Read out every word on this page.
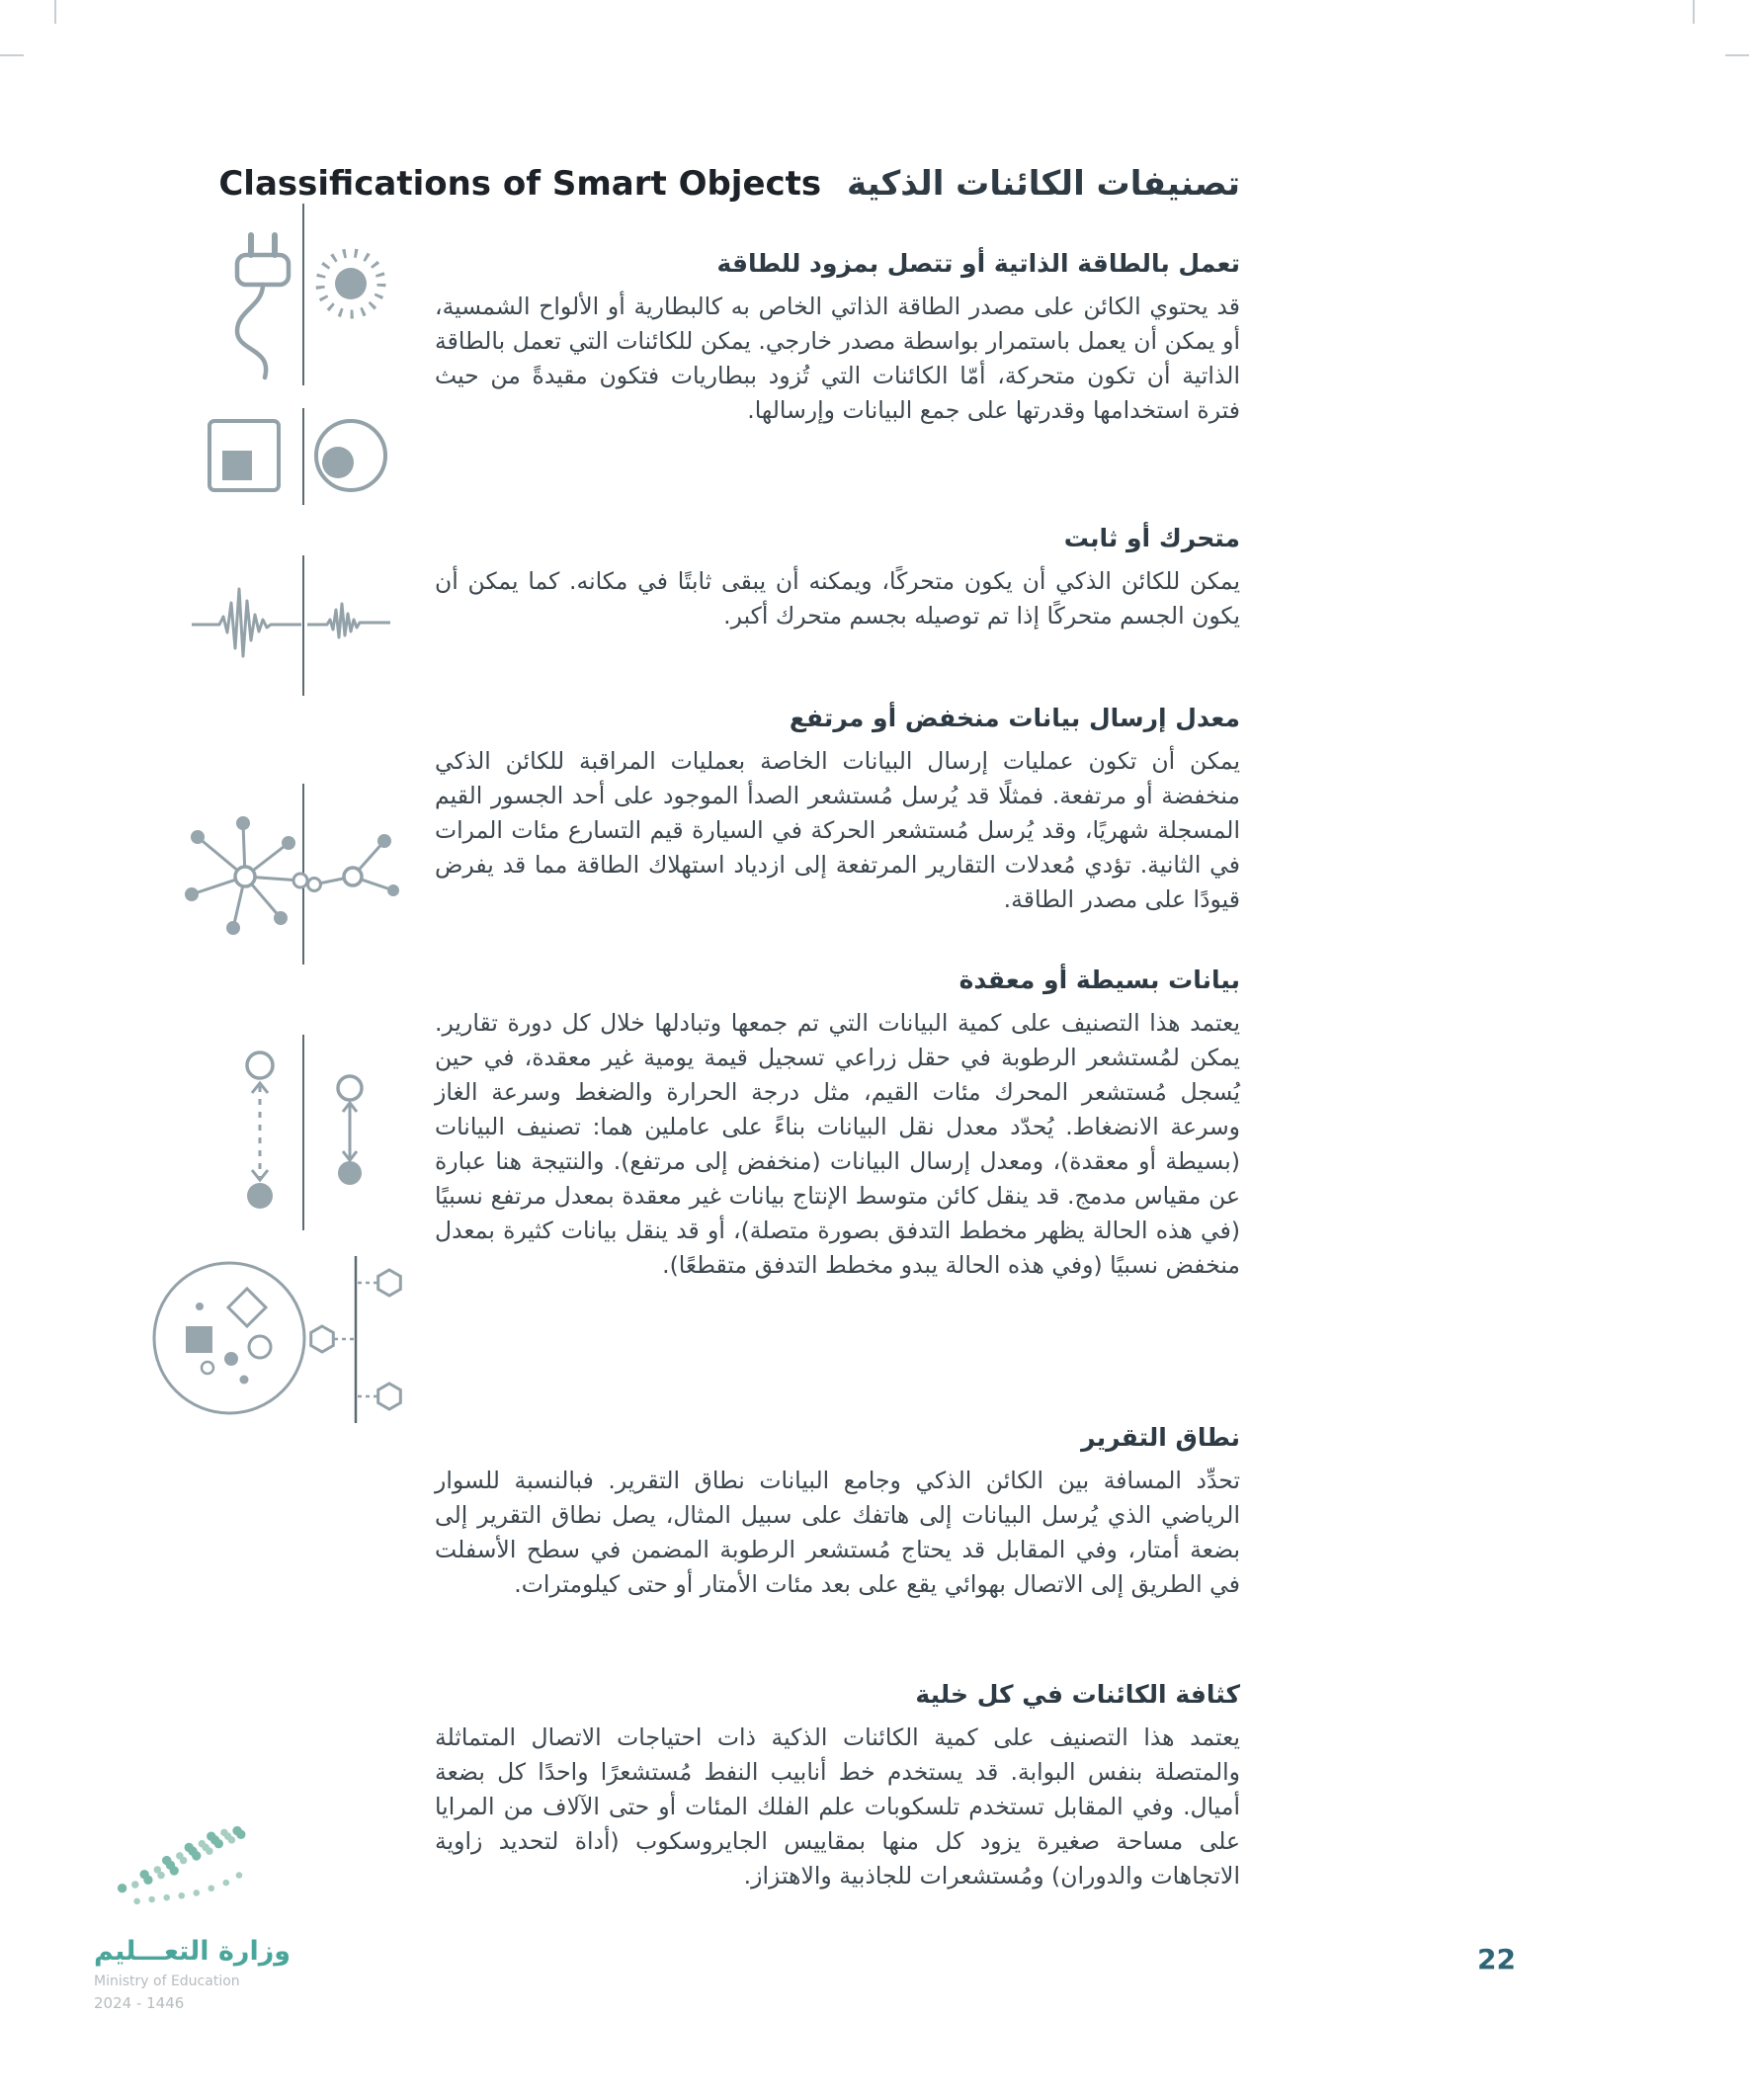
تصنيفات الكائنات الذكية Classifications of Smart Objects
تعمل بالطاقة الذاتية أو تتصل بمزود للطاقة

قد يحتوي الكائن على مصدر الطاقة الذاتي الخاص به كالبطارية أو الألواح الشمسية، أو يمكن أن يعمل باستمرار بواسطة مصدر خارجي. يمكن للكائنات التي تعمل بالطاقة الذاتية أن تكون متحركة، أمّا الكائنات التي تُزود ببطاريات فتكون مقيدةً من حيث فترة استخدامها وقدرتها على جمع البيانات وإرسالها.

متحرك أو ثابت

يمكن للكائن الذكي أن يكون متحركًا، ويمكنه أن يبقى ثابتًا في مكانه. كما يمكن أن يكون الجسم متحركًا إذا تم توصيله بجسم متحرك أكبر.

معدل إرسال بيانات منخفض أو مرتفع

يمكن أن تكون عمليات إرسال البيانات الخاصة بعمليات المراقبة للكائن الذكي منخفضة أو مرتفعة. فمثلًا قد يُرسل مُستشعر الصدأ الموجود على أحد الجسور القيم المسجلة شهريًا، وقد يُرسل مُستشعر الحركة في السيارة قيم التسارع مئات المرات في الثانية. تؤدي مُعدلات التقارير المرتفعة إلى ازدياد استهلاك الطاقة مما قد يفرض قيودًا على مصدر الطاقة.

بيانات بسيطة أو معقدة

يعتمد هذا التصنيف على كمية البيانات التي تم جمعها وتبادلها خلال كل دورة تقارير. يمكن لمُستشعر الرطوبة في حقل زراعي تسجيل قيمة يومية غير معقدة، في حين يُسجل مُستشعر المحرك مئات القيم، مثل درجة الحرارة والضغط وسرعة الغاز وسرعة الانضغاط. يُحدّد معدل نقل البيانات بناءً على عاملين هما: تصنيف البيانات (بسيطة أو معقدة)، ومعدل إرسال البيانات (منخفض إلى مرتفع). والنتيجة هنا عبارة عن مقياس مدمج. قد ينقل كائن متوسط الإنتاج بيانات غير معقدة بمعدل مرتفع نسبيًا (في هذه الحالة يظهر مخطط التدفق بصورة متصلة)، أو قد ينقل بيانات كثيرة بمعدل منخفض نسبيًا (وفي هذه الحالة يبدو مخطط التدفق متقطعًا).

نطاق التقرير

تحدِّد المسافة بين الكائن الذكي وجامع البيانات نطاق التقرير. فبالنسبة للسوار الرياضي الذي يُرسل البيانات إلى هاتفك على سبيل المثال، يصل نطاق التقرير إلى بضعة أمتار، وفي المقابل قد يحتاج مُستشعر الرطوبة المضمن في سطح الأسفلت في الطريق إلى الاتصال بهوائي يقع على بعد مئات الأمتار أو حتى كيلومترات.

كثافة الكائنات في كل خلية

يعتمد هذا التصنيف على كمية الكائنات الذكية ذات احتياجات الاتصال المتماثلة والمتصلة بنفس البوابة. قد يستخدم خط أنابيب النفط مُستشعرًا واحدًا كل بضعة أميال. وفي المقابل تستخدم تلسكوبات علم الفلك المئات أو حتى الآلاف من المرايا على مساحة صغيرة يزود كل منها بمقاييس الجايروسكوب (أداة لتحديد زاوية الاتجاهات والدوران) ومُستشعرات للجاذبية والاهتزاز.

وزارة التعـــليم
Ministry of Education
2024 - 1446
22
